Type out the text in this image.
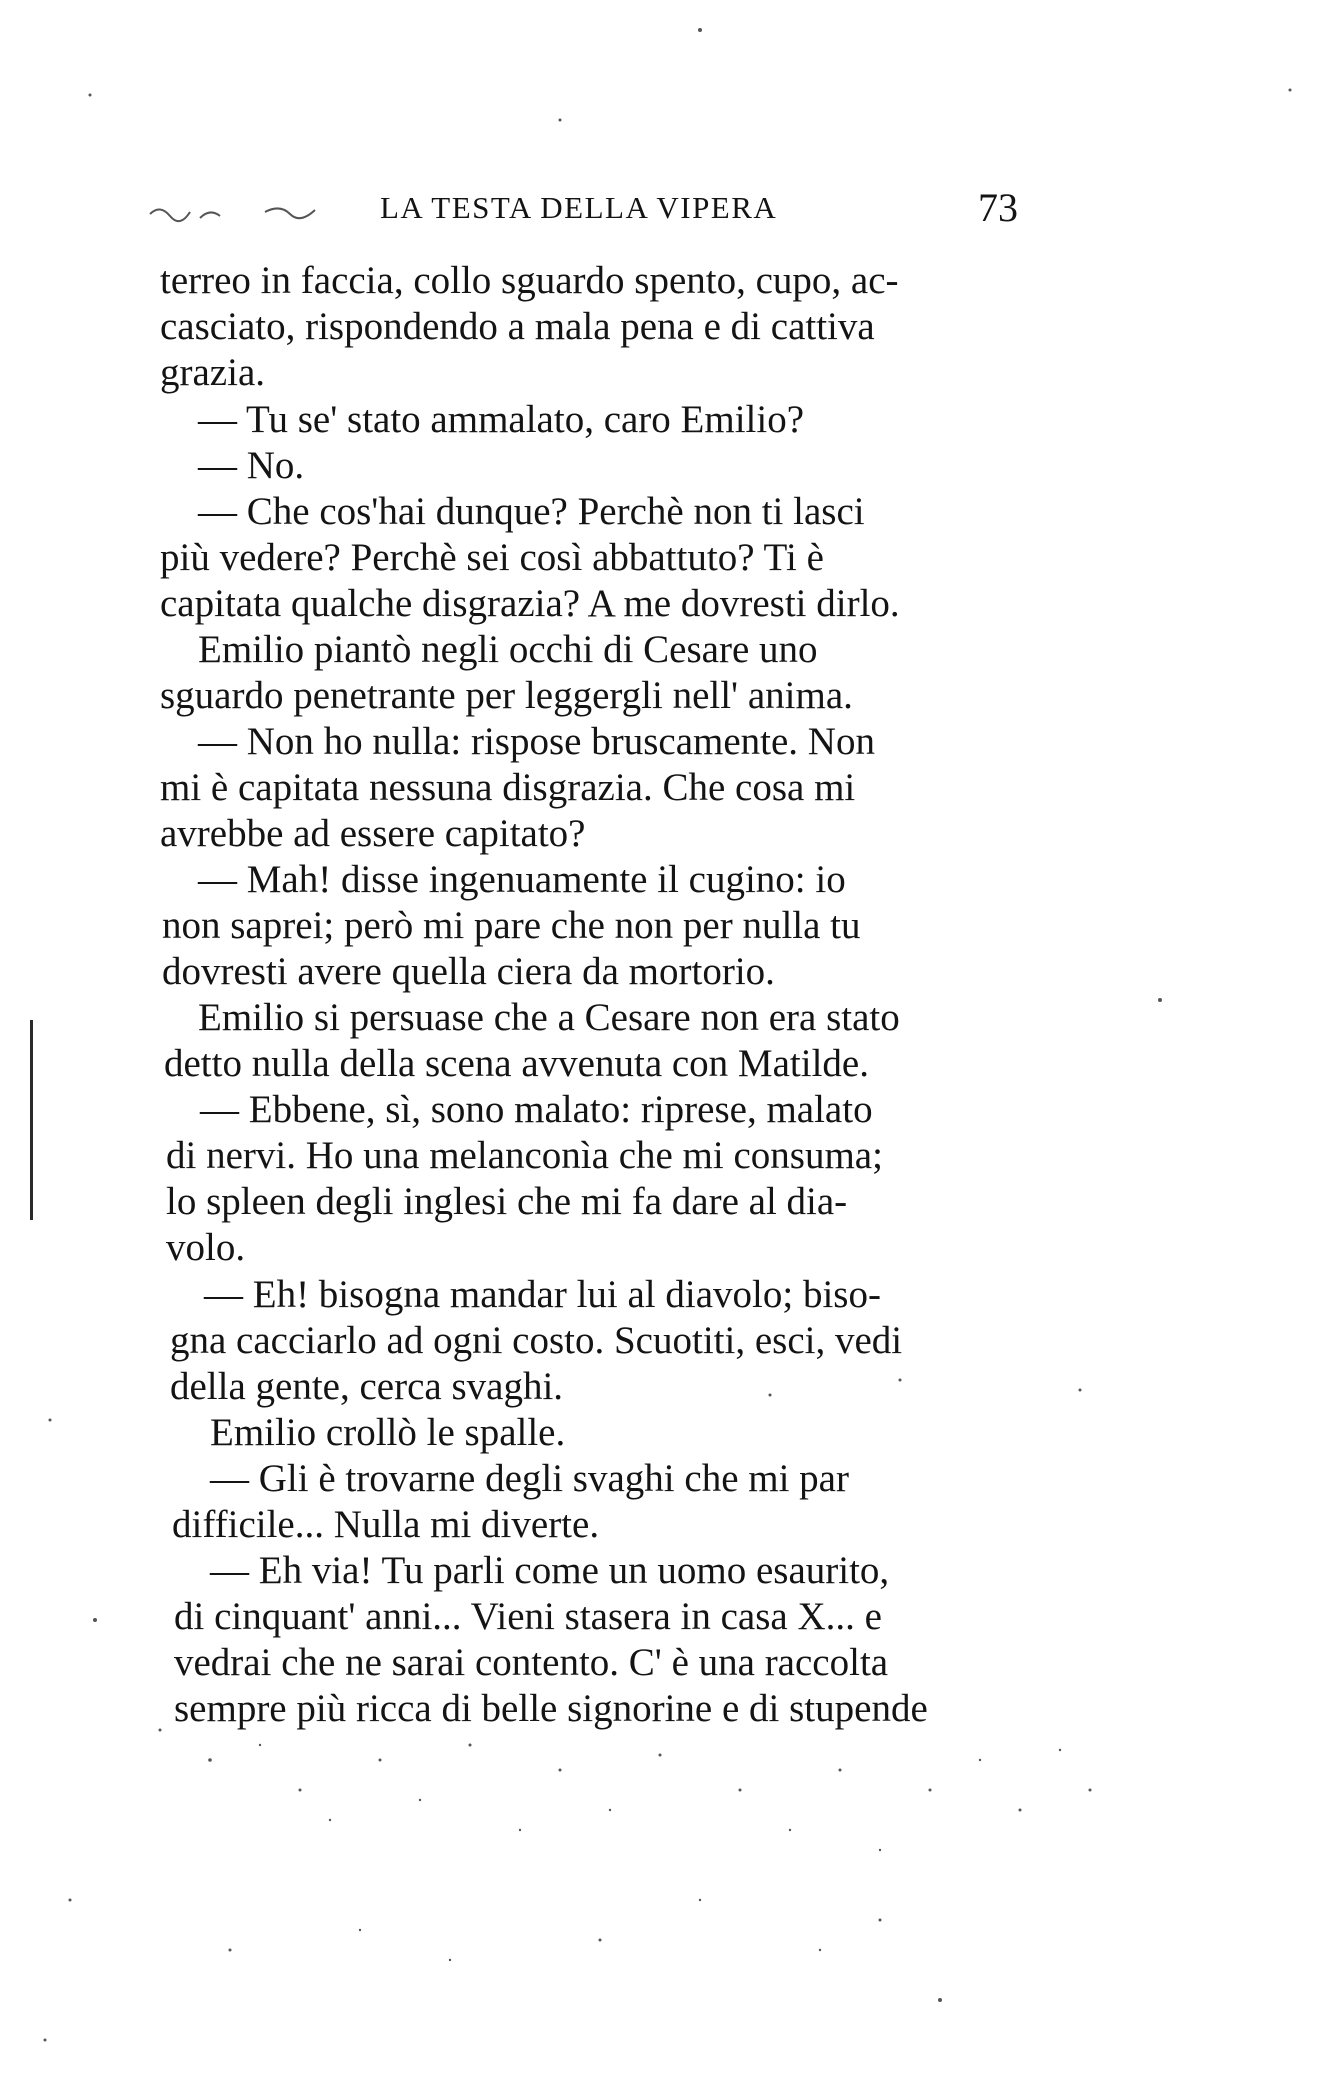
LA TESTA DELLA VIPERA	73
terreo in faccia, collo sguardo spento, cupo, ac-
casciato, rispondendo a mala pena e di cattiva
grazia.
— Tu se' stato ammalato, caro Emilio?
— No.
— Che cos'hai dunque? Perchè non ti lasci
più vedere? Perchè sei così abbattuto? Ti è
capitata qualche disgrazia? A me dovresti dirlo.
Emilio piantò negli occhi di Cesare uno
sguardo penetrante per leggergli nell' anima.
— Non ho nulla: rispose bruscamente. Non
mi è capitata nessuna disgrazia. Che cosa mi
avrebbe ad essere capitato?
— Mah! disse ingenuamente il cugino: io
non saprei; però mi pare che non per nulla tu
dovresti avere quella ciera da mortorio.
Emilio si persuase che a Cesare non era stato
detto nulla della scena avvenuta con Matilde.
— Ebbene, sì, sono malato: riprese, malato
di nervi. Ho una melanconìa che mi consuma;
lo spleen degli inglesi che mi fa dare al dia-
volo.
— Eh! bisogna mandar lui al diavolo; biso-
gna cacciarlo ad ogni costo. Scuotiti, esci, vedi
della gente, cerca svaghi.
Emilio crollò le spalle.
— Gli è trovarne degli svaghi che mi par
difficile... Nulla mi diverte.
— Eh via! Tu parli come un uomo esaurito,
di cinquant' anni... Vieni stasera in casa X... e
vedrai che ne sarai contento. C' è una raccolta
sempre più ricca di belle signorine e di stupende
